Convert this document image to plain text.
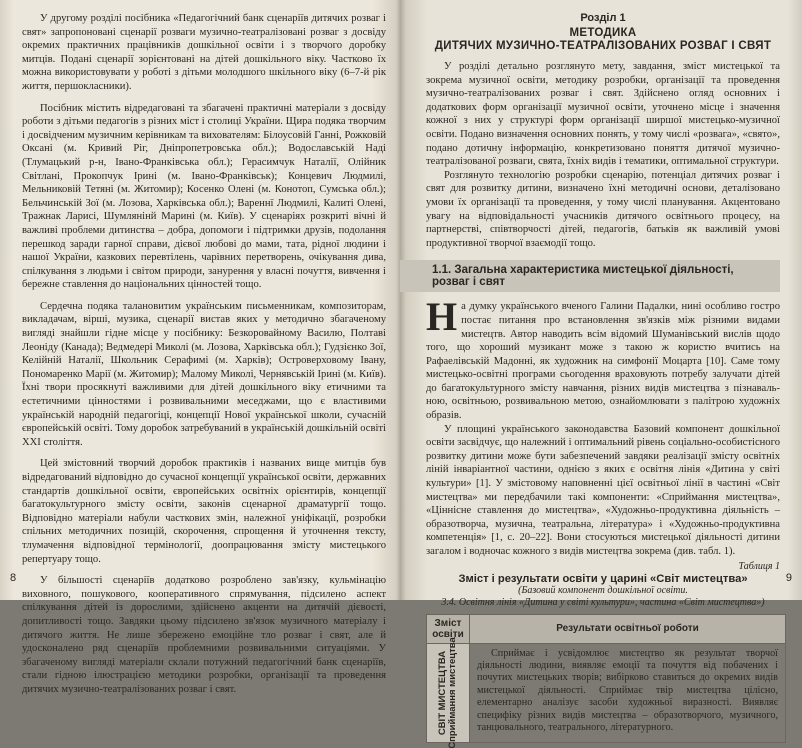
У другому розділі посібника «Педагогічний банк сценаріїв дитячих розваг і свят» запропоновані сценарії розваги музично-театралізовані розваг з досвіду окремих практичних працівників дошкільної освіти і з творчого доробку митців. Подані сценарії зорієнтовані на дітей дошкільного віку. Частково їх можна використовувати у роботі з дітьми молодшого шкільного віку (6–7-й рік життя, першокласники).

Посібник містить відредаговані та збагачені практичні матеріали з досвіду роботи з дітьми педагогів з різних міст і столиці України. Щира подяка творчим і досвідченим музичним керівникам та вихователям: Білоусовій Ганні, Рожковій Оксані (м. Кривий Ріг, Дніпропетровська обл.); Водославській Наді (Тлумацький р-н, Івано-Франківська обл.); Герасимчук Наталії, Олійник Світлані, Прокопчук Ірині (м. Івано-Франківськ); Концевич Людмилі, Мельниковій Тетяні (м. Житомир); Косенко Олені (м. Конотоп, Сумська обл.); Бельчинській Зої (м. Лозова, Харківська обл.); Вареннї Людмилі, Калиті Олені, Тражнак Ларисі, Шумлянінй Марині (м. Київ). У сценаріях розкриті вічні й важливі проблеми дитинства – добра, допомоги і підтримки друзів, подолання перешкод заради гарної справи, дієвої любові до мами, тата, рідної людини і нашої України, казкових перевтілень, чарівних перетворень, очікування дива, спілкування з людьми і світом природи, занурення у власні почуття, вивчення і бережне ставлення до національних цінностей тощо.

Сердечна подяка талановитим українським письменникам, композиторам, викладачам, віршi, музика, сценарії вистав яких у методично збагаченому вигляді знайшли гідне місце у посібнику: Безкоровайному Василю, Полтаві Леоніду (Канада); Ведмедері Миколі (м. Лозова, Харківська обл.); Гудзієнко Зої, Келійній Наталії, Школьник Серафимі (м. Харків); Островерховому Івану, Пономаренко Марії (м. Житомир); Малому Миколі, Чернявській Ірині (м. Київ). Їхні твори просякнуті важливими для дітей дошкільного віку етичними та естетичними цінностями і розвивальними меседжами, що є властивими українській народній педагогіці, концепції Нової української школи, сучасній європейській освіті. Тому доробок затребуваний в українській дошкільній освіті XXI століття.

Цей змістовний творчий доробок практиків і названих вище митців був відредагований відповідно до сучасної концепції української освіти, державних стандартів дошкільної освіти, європейських освітніх орієнтирів, концепції багатокультурного змісту освіти, законів сценарної драматургії тощо. Відповідно матеріали набули часткових змін, належної уніфікації, розробки спільних методичних позицій, скорочення, спрощення й уточнення тексту, тлумачення відповідної термінології, доопрацювання змісту мистецького репертуару тощо.

У більшості сценаріїв додатково розроблено зав'язку, кульмінацію виховного, пошукового, кооперативного спрямування, підсилено аспект спілкування дітей із дорослими, здійснено акценти на дитячій дієвості, допитливості тощо. Завдяки цьому підсилено зв'язок музичного матеріалу і дитячого життя. Не лише збережено емоційне тло розваг і свят, але й удосконалено ряд сценаріїв проблемними розвивальними ситуаціями. У збагаченому вигляді матеріали склали потужний педагогічний банк сценаріїв, стали гідною ілюстрацією методики розробки, організації та проведення дитячих музично-театралізованих розваг і свят.

8
Розділ 1
МЕТОДИКА
ДИТЯЧИХ МУЗИЧНО-ТЕАТРАЛІЗОВАНИХ РОЗВАГ І СВЯТ

У розділі детально розглянуто мету, завдання, зміст мистецької та зокрема музичної освіти, методику розробки, організації та проведення музично-театралізованих розваг і свят. Здійснено огляд основних і додаткових форм організації музичної освіти, уточнено місце і значення кожної з них у структурі форм організації ширшої мистецько-музичної освіти. Подано визначення основних понять, у тому числі «розвага», «свято», подано дотичну інформацію, конкретизовано поняття дитячої музично-театралізованої розваги, свята, їхніх видів і тематики, оптимальної структури.

Розглянуто технологію розробки сценарію, потенціал дитячих розваг і свят для розвитку дитини, визначено їхні методичні основи, деталізовано умови їх організації та проведення, у тому числі планування. Акцентовано увагу на відповідальності учасників дитячого освітнього процесу, на партнерстві, співтворчості дітей, педагогів, батьків як важливій умові продуктивної творчої взаємодії тощо.

1.1. Загальна характеристика мистецької діяльності, розваг і свят

На думку українського вченого Галини Падалки, нині особливо гостро постає питання про встановлення зв'язків між різними видами мистецтв. Автор наводить всім відомий Шуманівський вислів щодо того, що хороший музикант може з такою ж користю вчитись на Рафаелівській Мадонні, як художник на симфонії Моцарта [10]. Саме тому мистецько-освітні програми сьогодення враховують потребу залучати дітей до багатокультурного змісту навчання, різних видів мистецтва з пізнавальною, освітньою, розвивальною метою, ознайомлювати з палітрою художніх образів.

У площині українського законодавства Базовий компонент дошкільної освіти засвідчує, що належний і оптимальний рівень соціально-особистісного розвитку дитини може бути забезпечений завдяки реалізації змісту освітніх ліній інваріантної частини, однією з яких є освітня лінія «Дитина у світі культури» [1]. У змістовому наповненні цієї освітньої лінії в частині «Світ мистецтва» ми передбачили такі компоненти: «Сприймання мистецтва», «Ціннісне ставлення до мистецтва», «Художньо-продуктивна діяльність – образотворча, музична, театральна, література» і «Художньо-продуктивна компетенція» [1, с. 20–22]. Вони стосуються мистецької діяльності дитини загалом і водночас кожного з видів мистецтва зокрема (див. табл. 1).

Таблиця 1
Зміст і результати освіти у царині «Світ мистецтва»
(Базовий компонент дошкільної освіти.
3.4. Освітня лінія «Дитина у світі культури», частина «Світ мистецтва»)
Зміст освіти	Результати освітньої роботи

СВІТ МИСТЕЦТВА Сприймання мистецтва	Сприймає і усвідомлює мистецтво як результат творчої діяльності людини, виявляє емоції та почуття від побачених і почутих мистецьких творів; вибірково ставиться до окремих видів мистецької діяльності. Сприймає твір мистецтва цілісно, елементарно аналізує засоби художньої виразності. Виявляє специфіку різних видів мистецтва – образотворчого, музичного, танцювального, театрального, літературного.

9
